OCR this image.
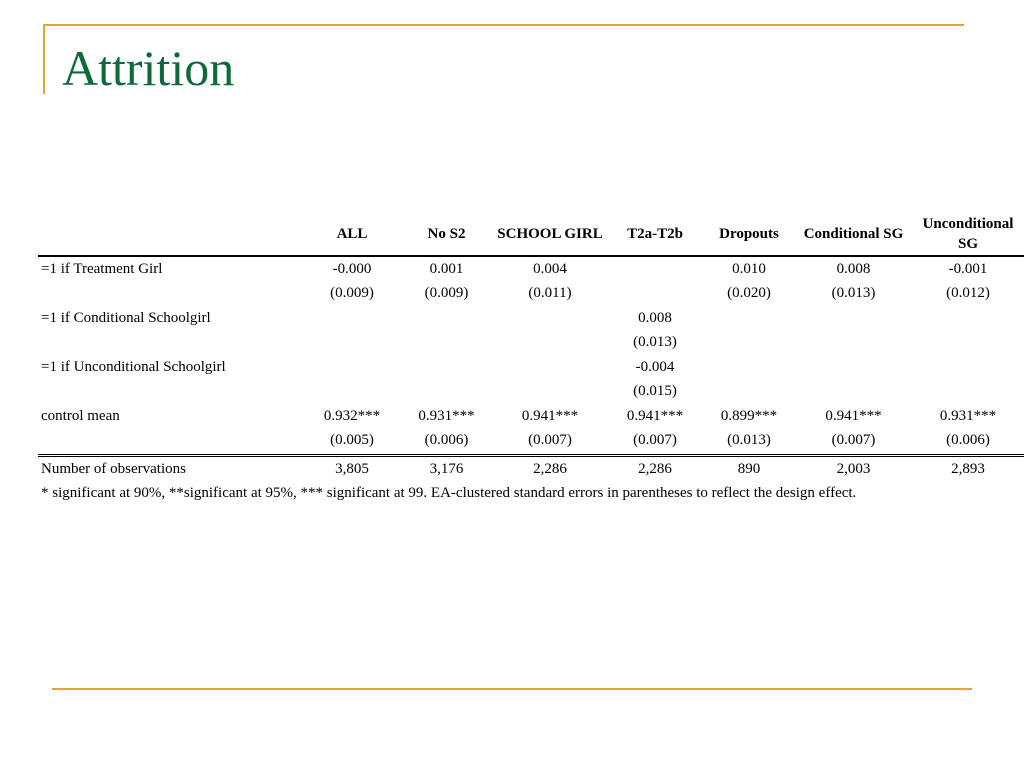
Attrition
	ALL	No S2	SCHOOL GIRL	T2a-T2b	Dropouts	Conditional SG	Unconditional SG
=1 if Treatment Girl	-0.000	0.001	0.004		0.010	0.008	-0.001
	(0.009)	(0.009)	(0.011)		(0.020)	(0.013)	(0.012)
=1 if Conditional Schoolgirl				0.008			
				(0.013)			
=1 if Unconditional Schoolgirl				-0.004			
				(0.015)			
control mean	0.932***	0.931***	0.941***	0.941***	0.899***	0.941***	0.931***
	(0.005)	(0.006)	(0.007)	(0.007)	(0.013)	(0.007)	(0.006)
Number of observations	3,805	3,176	2,286	2,286	890	2,003	2,893
* significant at 90%, **significant at 95%, *** significant at 99. EA-clustered standard errors in parentheses to reflect the design effect.							
